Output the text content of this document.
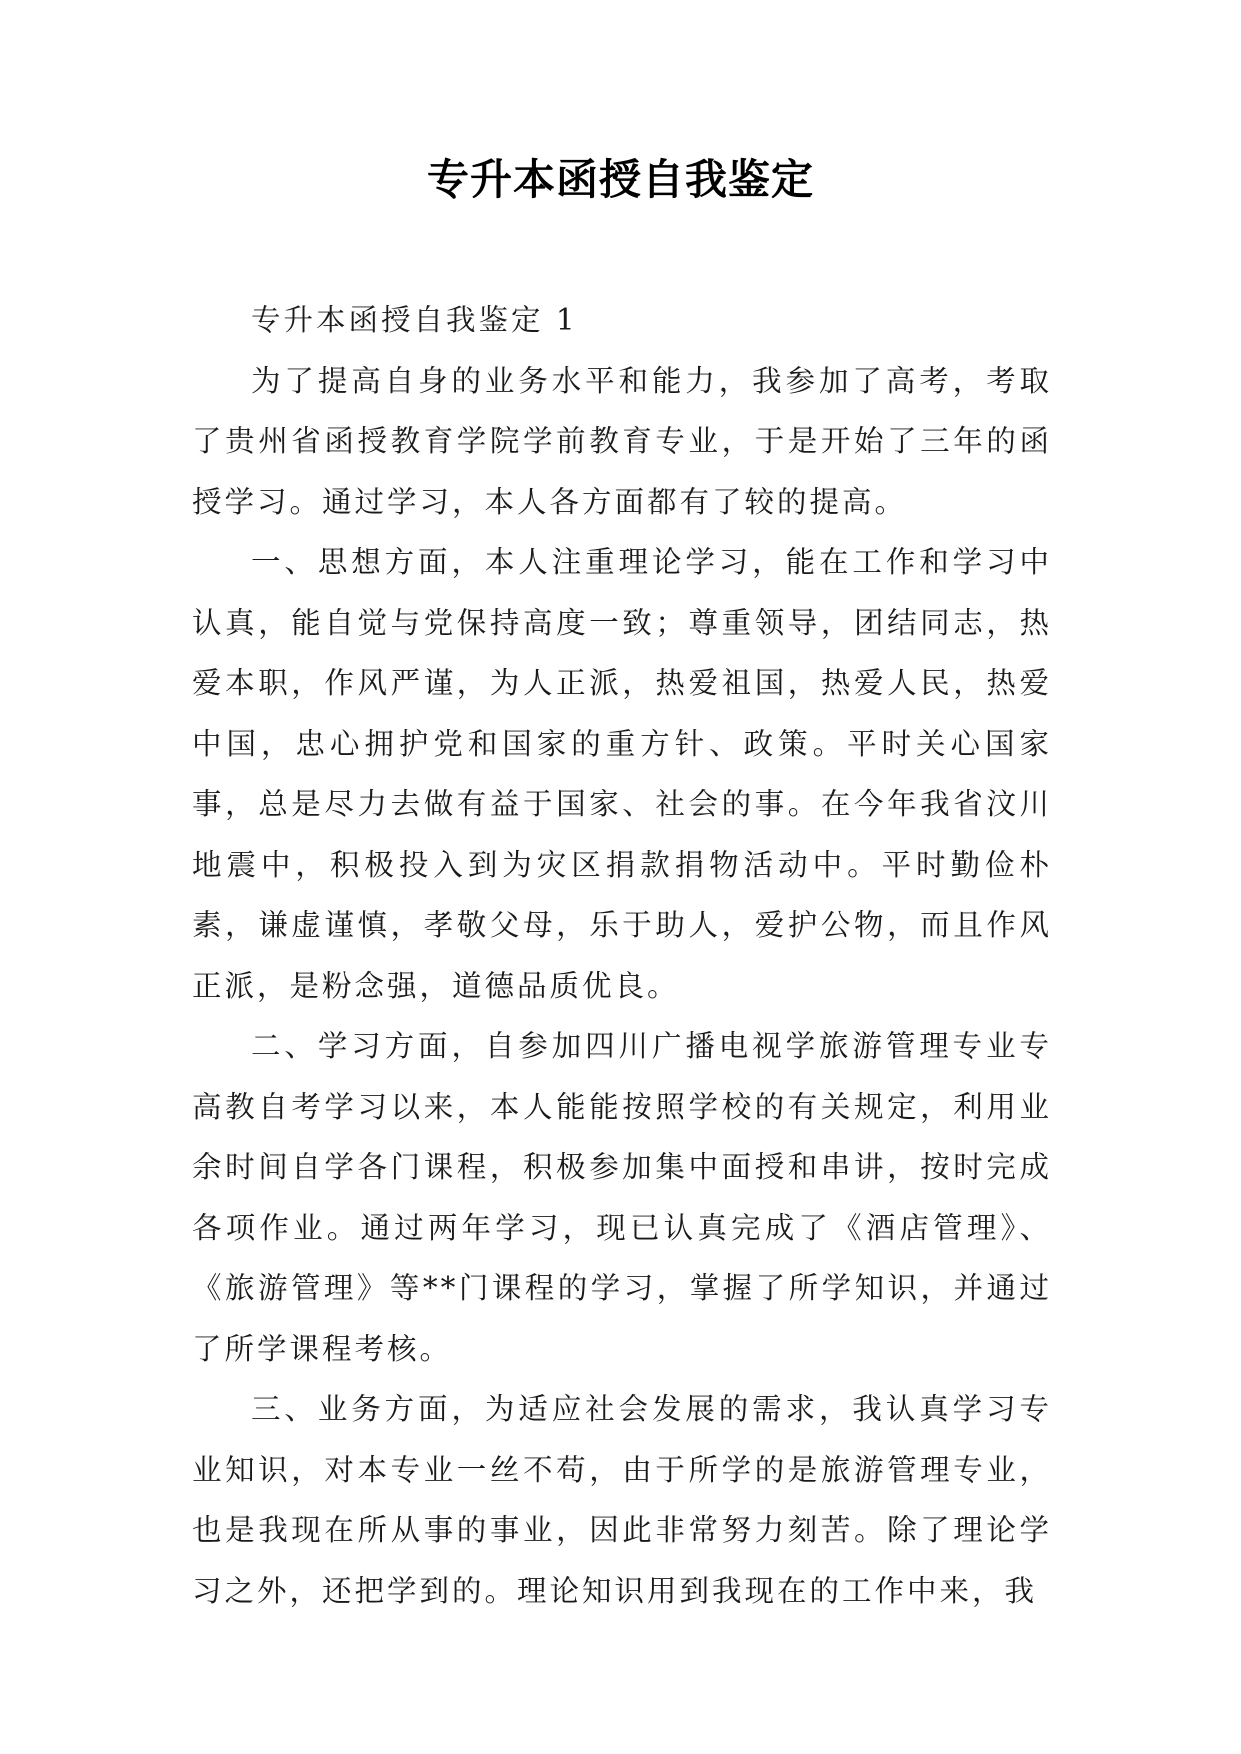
专升本函授自我鉴定

专升本函授自我鉴定 1

为了提高自身的业务水平和能力，我参加了高考，考取了贵州省函授教育学院学前教育专业，于是开始了三年的函授学习。通过学习，本人各方面都有了较的提高。

一、思想方面，本人注重理论学习，能在工作和学习中认真，能自觉与党保持高度一致；尊重领导，团结同志，热爱本职，作风严谨，为人正派，热爱祖国，热爱人民，热爱中国，忠心拥护党和国家的重方针、政策。平时关心国家事，总是尽力去做有益于国家、社会的事。在今年我省汶川地震中，积极投入到为灾区捐款捐物活动中。平时勤俭朴素，谦虚谨慎，孝敬父母，乐于助人，爱护公物，而且作风正派，是粉念强，道德品质优良。

二、学习方面，自参加四川广播电视学旅游管理专业专高教自考学习以来，本人能能按照学校的有关规定，利用业余时间自学各门课程，积极参加集中面授和串讲，按时完成各项作业。通过两年学习，现已认真完成了《酒店管理》、《旅游管理》等**门课程的学习，掌握了所学知识，并通过了所学课程考核。

三、业务方面，为适应社会发展的需求，我认真学习专业知识，对本专业一丝不苟，由于所学的是旅游管理专业，也是我现在所从事的事业，因此非常努力刻苦。除了理论学习之外，还把学到的。理论知识用到我现在的工作中来，我
